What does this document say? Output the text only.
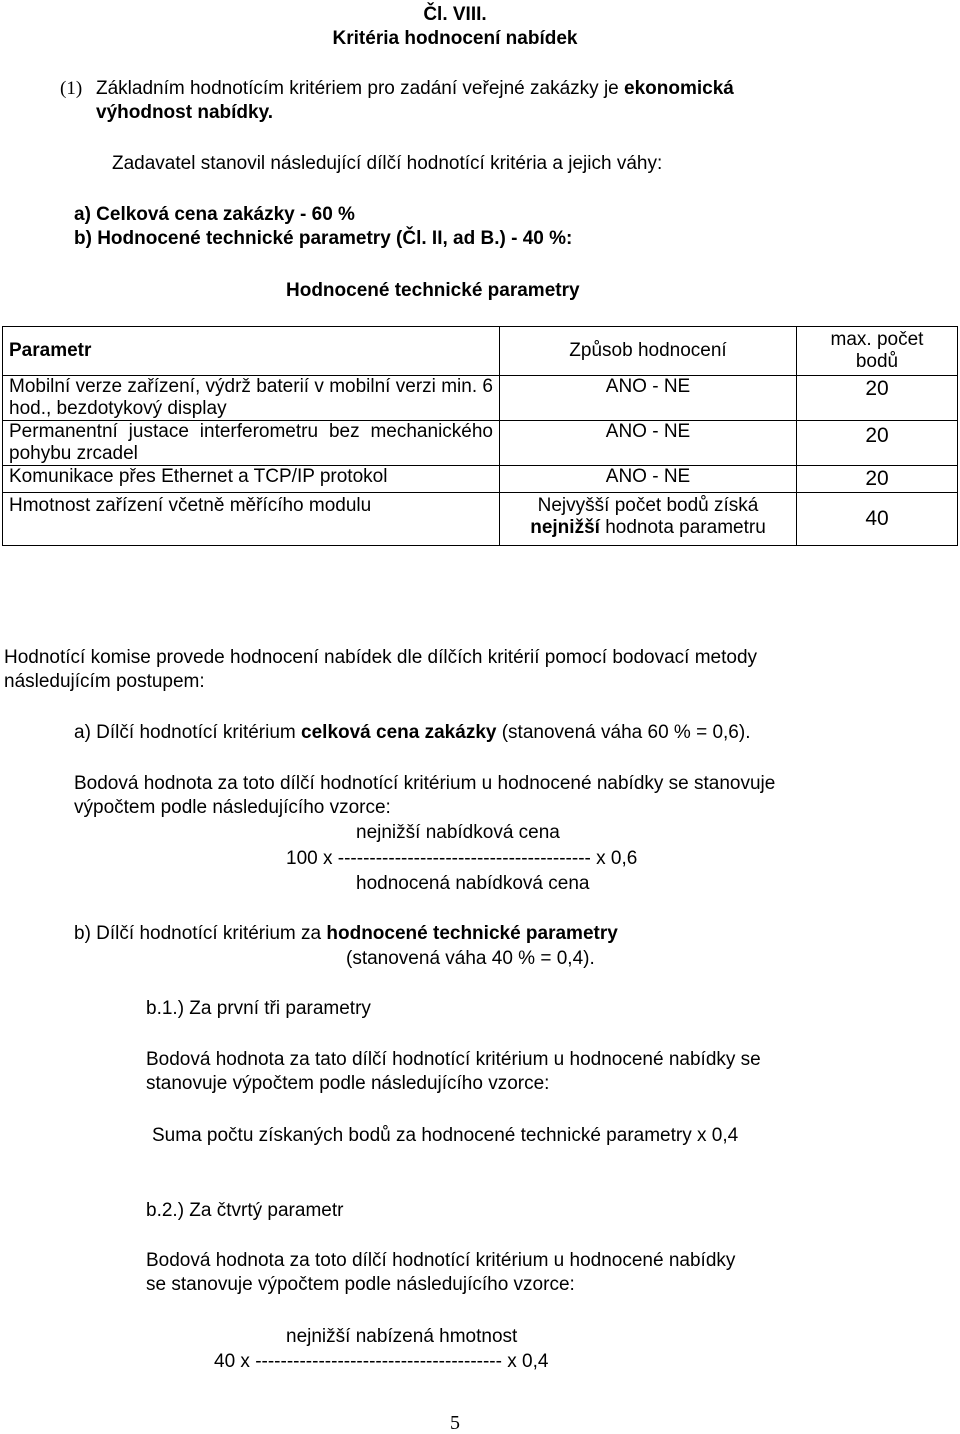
Čl. VIII.
Kritéria hodnocení nabídek
(1) Základním hodnotícím kritériem pro zadání veřejné zakázky je ekonomická
výhodnost nabídky.
Zadavatel stanovil následující dílčí hodnotící kritéria a jejich váhy:
a) Celková cena zakázky - 60 %
b) Hodnocené technické parametry (Čl. II, ad B.) - 40 %:
Hodnocené technické parametry
Parametr	Způsob hodnocení	max. počet
bodů

Mobilní verze zařízení, výdrž baterií v mobilní verzi min. 6 hod., bezdotykový display	ANO - NE	20
Permanentní justace interferometru bez mechanického pohybu zrcadel	ANO - NE	20
Komunikace přes Ethernet a TCP/IP protokol	ANO - NE	20
Hmotnost zařízení včetně měřícího modulu	Nejvyšší počet bodů získá
nejnižší hodnota parametru	40
Hodnotící komise provede hodnocení nabídek dle dílčích kritérií pomocí bodovací metody
následujícím postupem:
a) Dílčí hodnotící kritérium celková cena zakázky (stanovená váha 60 % = 0,6).
Bodová hodnota za toto dílčí hodnotící kritérium u hodnocené nabídky se stanovuje
výpočtem podle následujícího vzorce:
nejnižší nabídková cena
100 x ---------------------------------------- x 0,6
hodnocená nabídková cena
b) Dílčí hodnotící kritérium za hodnocené technické parametry
(stanovená váha 40 % = 0,4).
b.1.) Za první tři parametry
Bodová hodnota za tato dílčí hodnotící kritérium u hodnocené nabídky se
stanovuje výpočtem podle následujícího vzorce:
Suma počtu získaných bodů za hodnocené technické parametry x 0,4
b.2.) Za čtvrtý parametr
Bodová hodnota za toto dílčí hodnotící kritérium u hodnocené nabídky
se stanovuje výpočtem podle následujícího vzorce:
nejnižší nabízená hmotnost
40 x --------------------------------------- x 0,4
5
